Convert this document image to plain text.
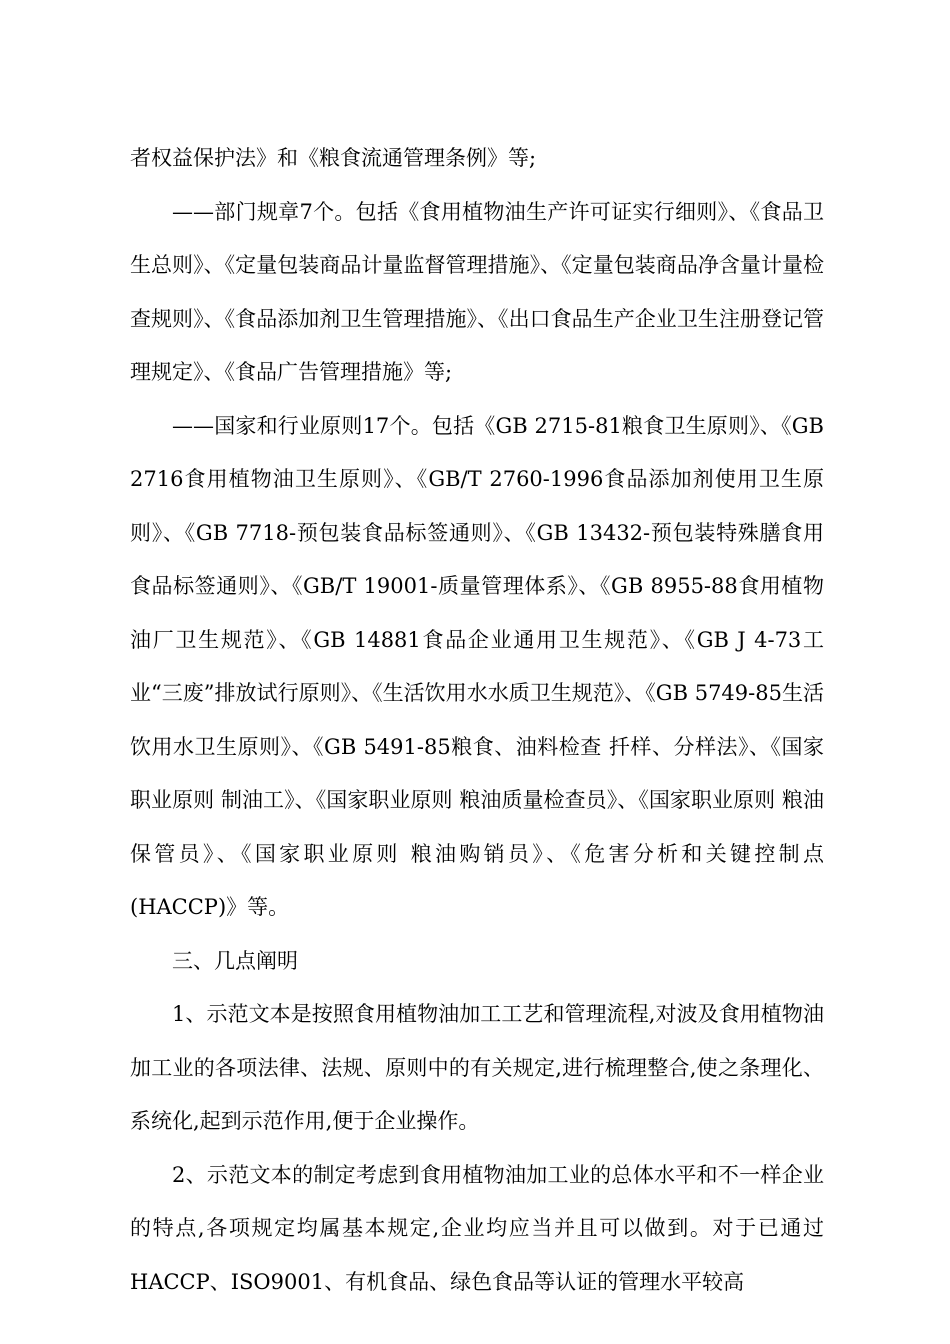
者权益保护法》和《粮食流通管理条例》等;

——部门规章7个。包括《食用植物油生产许可证实行细则》、《食品卫生总则》、《定量包装商品计量监督管理措施》、《定量包装商品净含量计量检查规则》、《食品添加剂卫生管理措施》、《出口食品生产企业卫生注册登记管理规定》、《食品广告管理措施》等;

——国家和行业原则17个。包括《GB 2715-81粮食卫生原则》、《GB 2716食用植物油卫生原则》、《GB/T 2760-1996食品添加剂使用卫生原则》、《GB 7718-预包装食品标签通则》、《GB 13432-预包装特殊膳食用食品标签通则》、《GB/T 19001-质量管理体系》、《GB 8955-88食用植物油厂卫生规范》、《GB 14881食品企业通用卫生规范》、《GB J 4-73工业“三废”排放试行原则》、《生活饮用水水质卫生规范》、《GB 5749-85生活饮用水卫生原则》、《GB 5491-85粮食、油料检查 扦样、分样法》、《国家职业原则 制油工》、《国家职业原则 粮油质量检查员》、《国家职业原则 粮油保管员》、《国家职业原则 粮油购销员》、《危害分析和关键控制点(HACCP)》等。

三、几点阐明

1、示范文本是按照食用植物油加工工艺和管理流程,对波及食用植物油加工业的各项法律、法规、原则中的有关规定,进行梳理整合,使之条理化、系统化,起到示范作用,便于企业操作。

2、示范文本的制定考虑到食用植物油加工业的总体水平和不一样企业的特点,各项规定均属基本规定,企业均应当并且可以做到。对于已通过HACCP、ISO9001、有机食品、绿色食品等认证的管理水平较高
